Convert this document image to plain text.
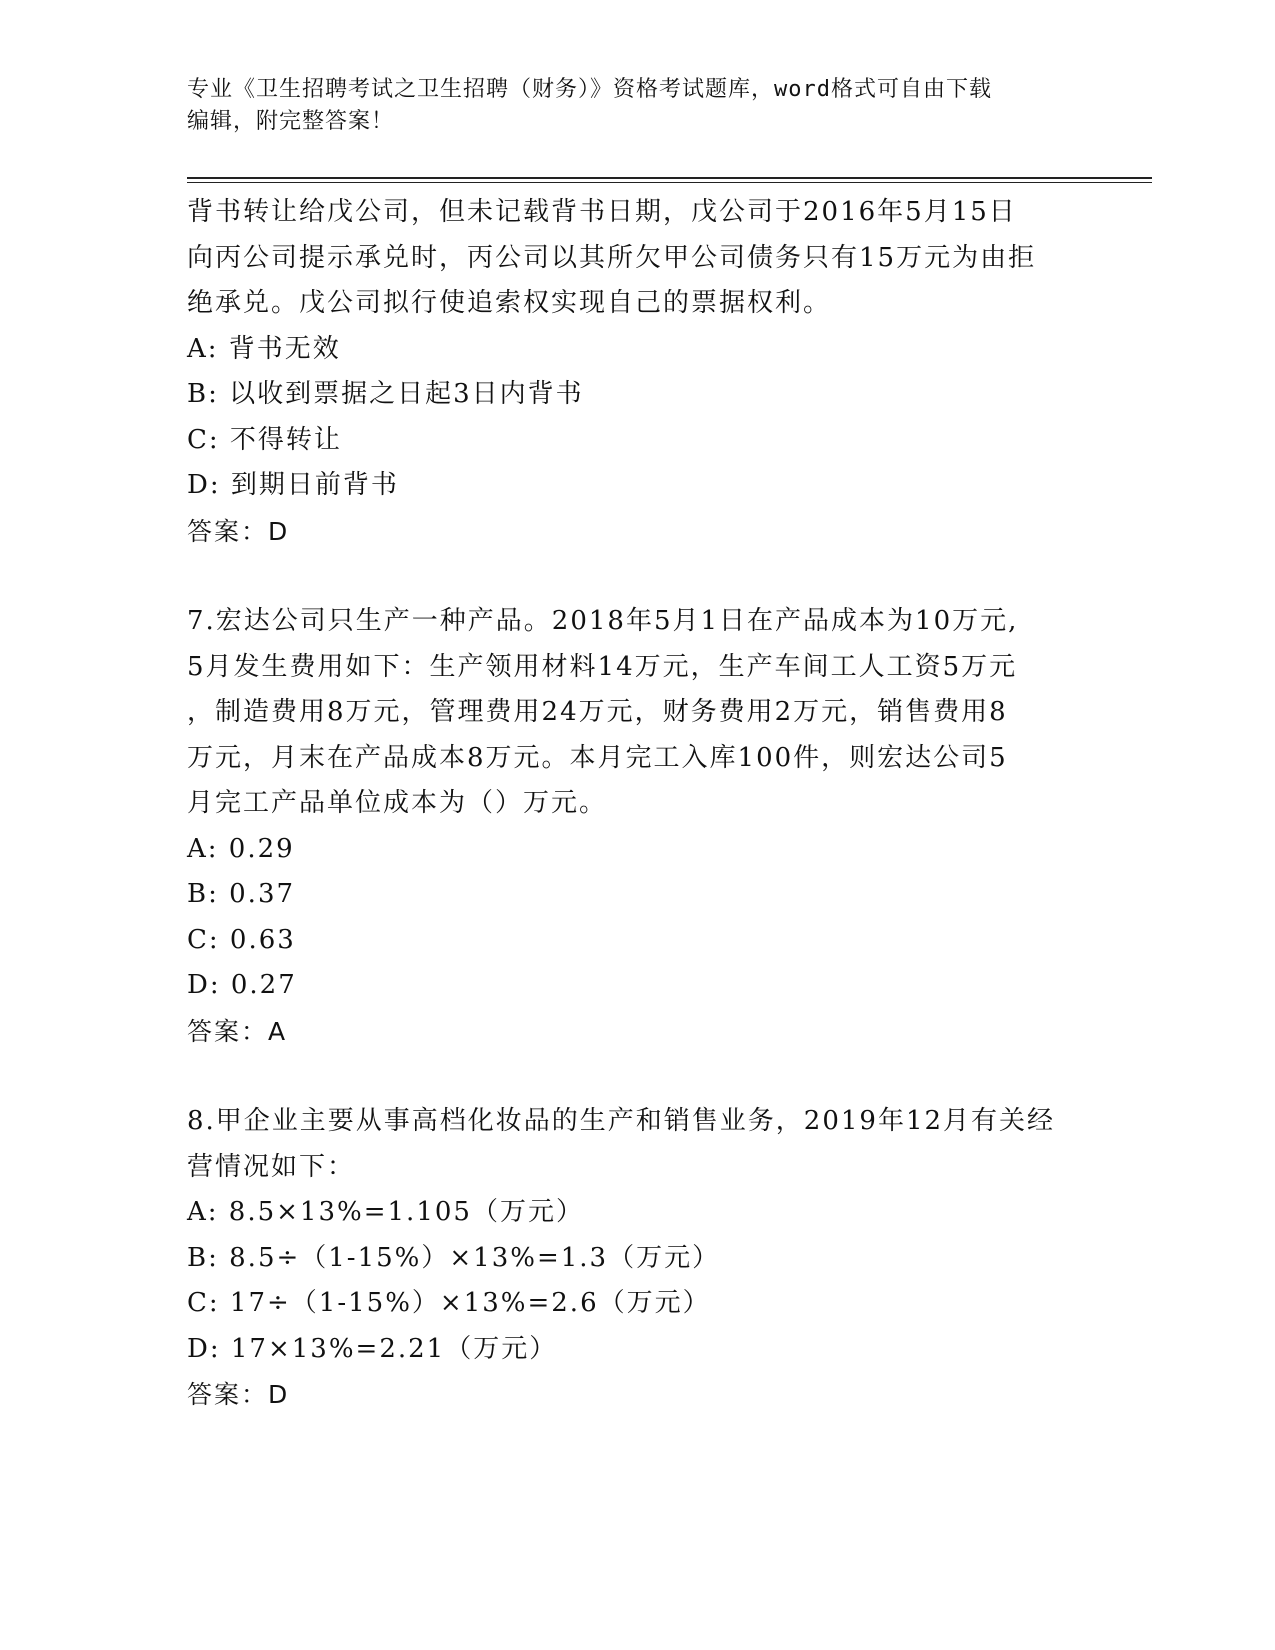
专业《卫生招聘考试之卫生招聘（财务）》资格考试题库，word格式可自由下载
编辑，附完整答案！

背书转让给戊公司，但未记载背书日期，戊公司于2016年5月15日

向丙公司提示承兑时，丙公司以其所欠甲公司债务只有15万元为由拒

绝承兑。戊公司拟行使追索权实现自己的票据权利。

A: 背书无效

B: 以收到票据之日起3日内背书

C: 不得转让

D: 到期日前背书

答案：D

7.宏达公司只生产一种产品。2018年5月1日在产品成本为10万元,

5月发生费用如下：生产领用材料14万元，生产车间工人工资5万元

，制造费用8万元，管理费用24万元，财务费用2万元，销售费用8

万元，月末在产品成本8万元。本月完工入库100件，则宏达公司5

月完工产品单位成本为（）万元。

A: 0.29

B: 0.37

C: 0.63

D: 0.27

答案：A

8.甲企业主要从事高档化妆品的生产和销售业务，2019年12月有关经

营情况如下：

A: 8.5×13%=1.105（万元）

B: 8.5÷（1-15%）×13%=1.3（万元）

C: 17÷（1-15%）×13%=2.6（万元）

D: 17×13%=2.21（万元）

答案：D
